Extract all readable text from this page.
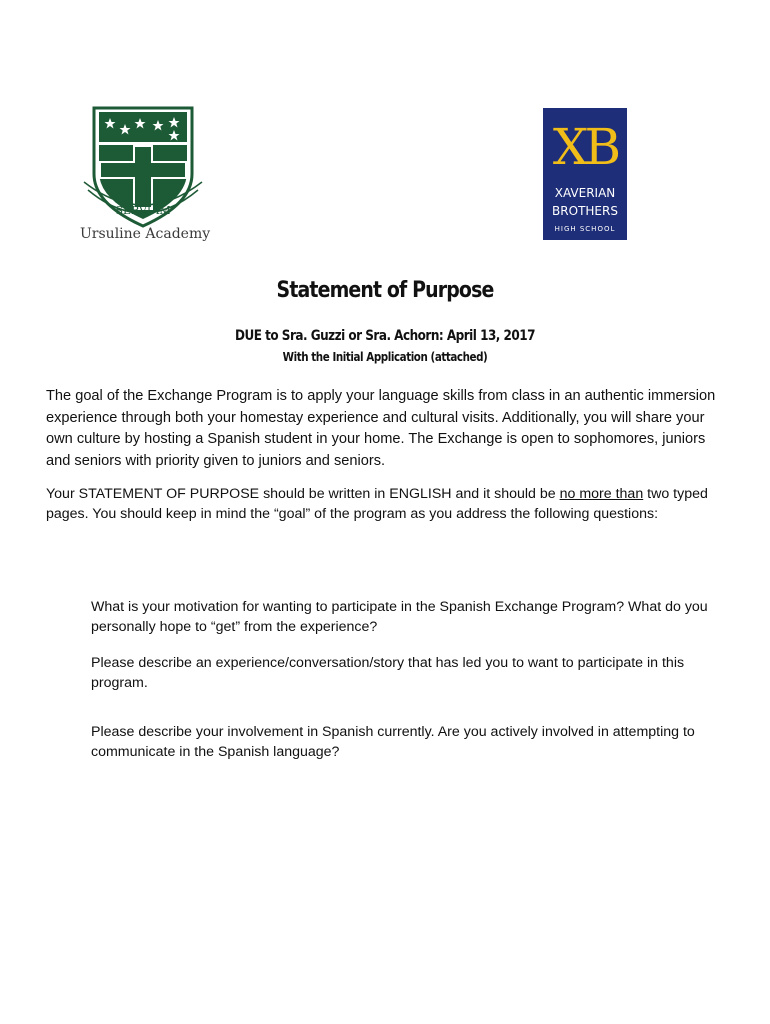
SERVIAM
Ursuline Academy
XB
XAVERIAN
BROTHERS
HIGH SCHOOL
Statement of Purpose
DUE to Sra. Guzzi or Sra. Achorn: April 13, 2017
With the Initial Application (attached)
The goal of the Exchange Program is to apply your language skills from class in an authentic immersion experience through both your homestay experience and cultural visits. Additionally, you will share your own culture by hosting a Spanish student in your home. The Exchange is open to sophomores, juniors and seniors with priority given to juniors and seniors.
Your STATEMENT OF PURPOSE should be written in ENGLISH and it should be no more than two typed pages. You should keep in mind the “goal” of the program as you address the following questions:
What is your motivation for wanting to participate in the Spanish Exchange Program? What do you personally hope to “get” from the experience?
Please describe an experience/conversation/story that has led you to want to participate in this program.
Please describe your involvement in Spanish currently. Are you actively involved in attempting to communicate in the Spanish language?
